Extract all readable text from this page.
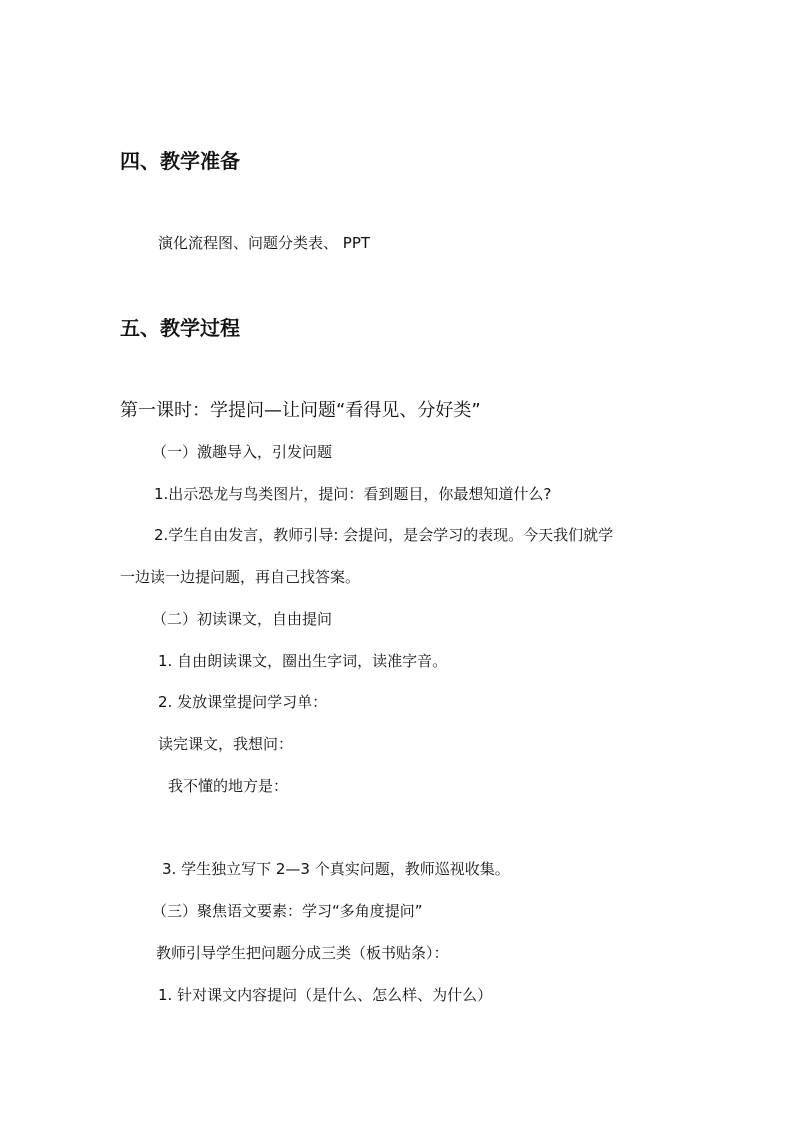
四、教学准备
演化流程图、问题分类表、 PPT
五、教学过程
第一课时：学提问—让问题“看得见、分好类”
（一）激趣导入，引发问题
1.出示恐龙与鸟类图片，提问：看到题目，你最想知道什么?
2.学生自由发言，教师引导: 会提问，是会学习的表现。今天我们就学
一边读一边提问题，再自己找答案。
（二）初读课文，自由提问
1. 自由朗读课文，圈出生字词，读准字音。
2. 发放课堂提问学习单：
读完课文，我想问：
我不懂的地方是：
3. 学生独立写下 2—3 个真实问题，教师巡视收集。
（三）聚焦语文要素：学习“多角度提问”
教师引导学生把问题分成三类（板书贴条）：
1. 针对课文内容提问（是什么、怎么样、为什么）
